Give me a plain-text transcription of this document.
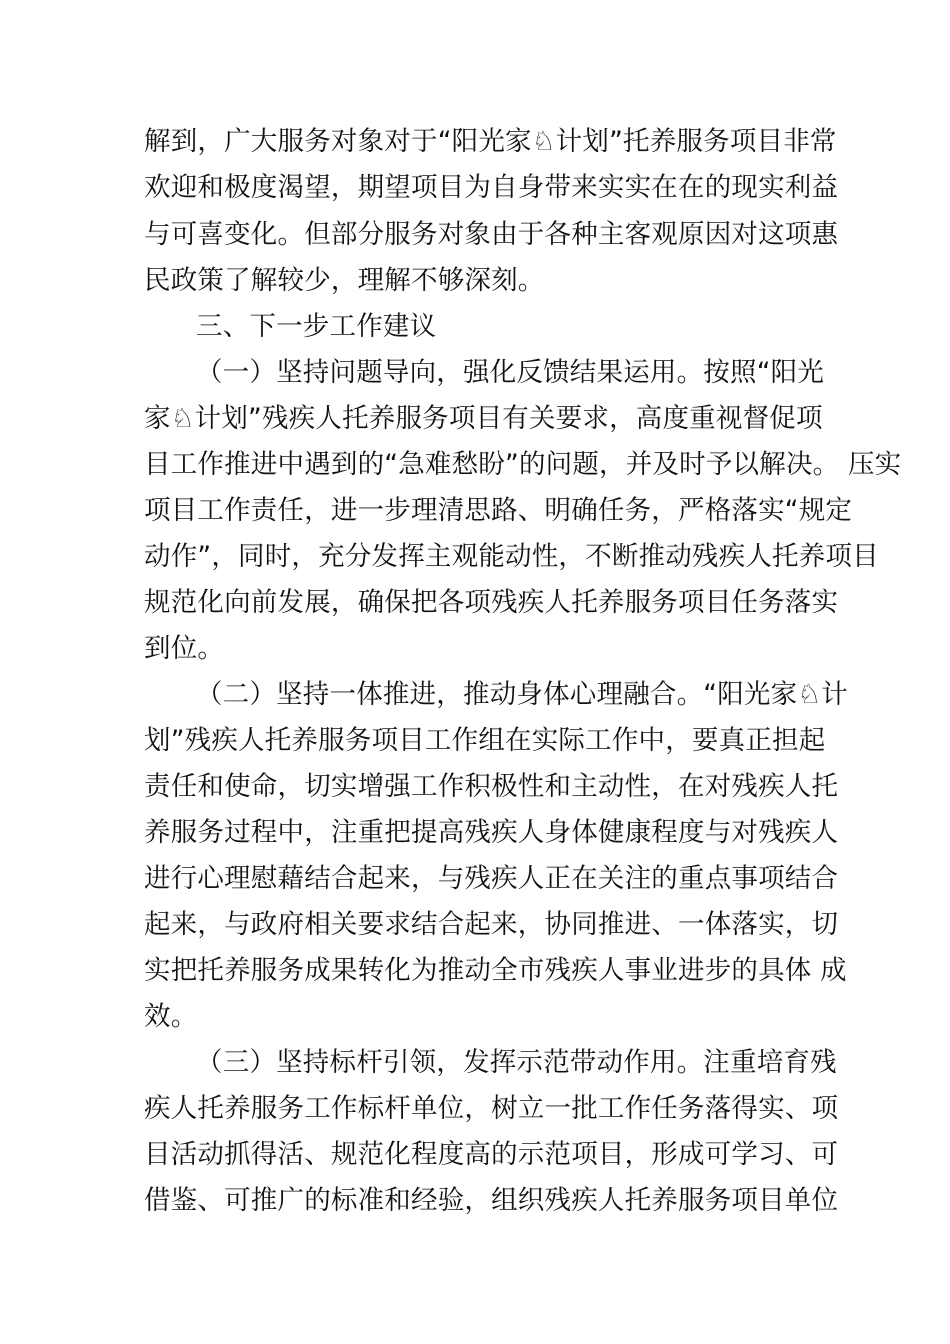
解到，广大服务对象对于“阳光家♘计划”托养服务项目非常
欢迎和极度渴望，期望项目为自身带来实实在在的现实利益
与可喜变化。但部分服务对象由于各种主客观原因对这项惠
民政策了解较少，理解不够深刻。
三、下一步工作建议
（一）坚持问题导向，强化反馈结果运用。按照“阳光
家♘计划”残疾人托养服务项目有关要求，高度重视督促项
目工作推进中遇到的“急难愁盼”的问题，并及时予以解决。 压实
项目工作责任，进一步理清思路、明确任务，严格落实“规定
动作”，同时，充分发挥主观能动性，不断推动残疾人托养项目
规范化向前发展，确保把各项残疾人托养服务项目任务落实
到位。
（二）坚持一体推进，推动身体心理融合。“阳光家♘计
划”残疾人托养服务项目工作组在实际工作中，要真正担起
责任和使命，切实增强工作积极性和主动性，在对残疾人托
养服务过程中，注重把提高残疾人身体健康程度与对残疾人
进行心理慰藉结合起来，与残疾人正在关注的重点事项结合
起来，与政府相关要求结合起来，协同推进、一体落实，切
实把托养服务成果转化为推动全市残疾人事业进步的具体 成
效。
（三）坚持标杆引领，发挥示范带动作用。注重培育残
疾人托养服务工作标杆单位，树立一批工作任务落得实、项
目活动抓得活、规范化程度高的示范项目，形成可学习、可
借鉴、可推广的标准和经验，组织残疾人托养服务项目单位
